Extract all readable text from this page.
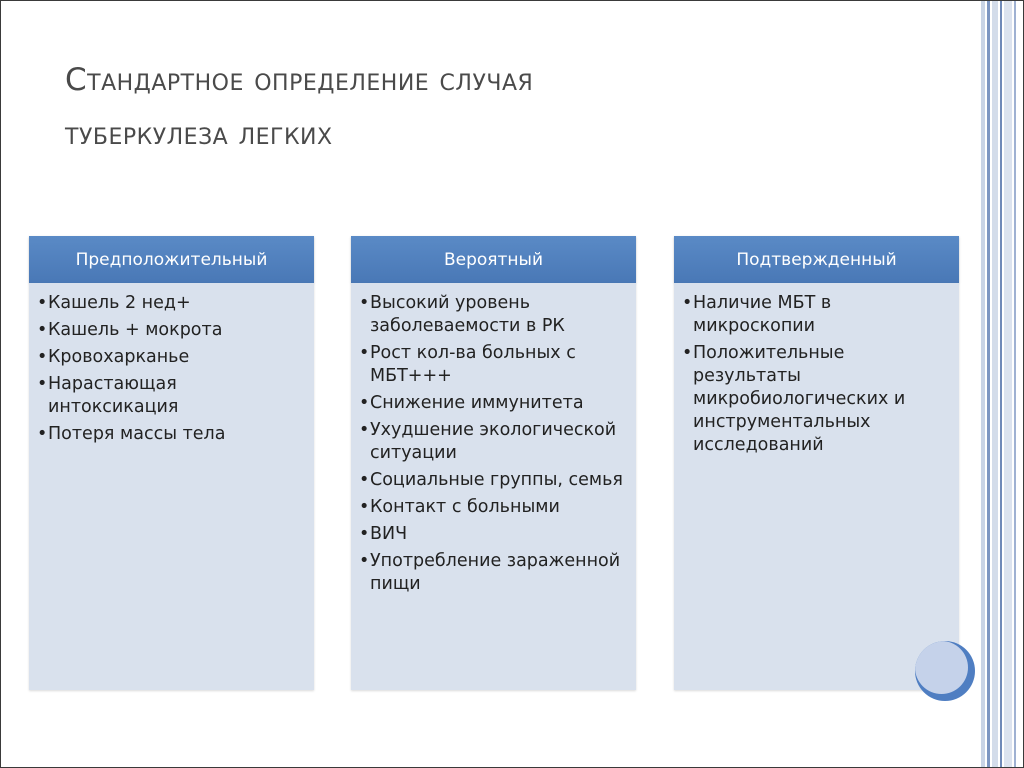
Стандартное определение случая
туберкулеза легких
Предположительный
• Кашель 2 нед+
• Кашель + мокрота
• Кровохарканье
• Нарастающая интоксикация
• Потеря массы тела
Вероятный
• Высокий уровень заболеваемости в РК
• Рост кол-ва больных с МБТ+++
• Снижение иммунитета
• Ухудшение экологической ситуации
• Социальные группы, семья
• Контакт с больными
• ВИЧ
• Употребление зараженной пищи
Подтвержденный
• Наличие МБТ в микроскопии
• Положительные результаты микробиологических и инструментальных исследований
